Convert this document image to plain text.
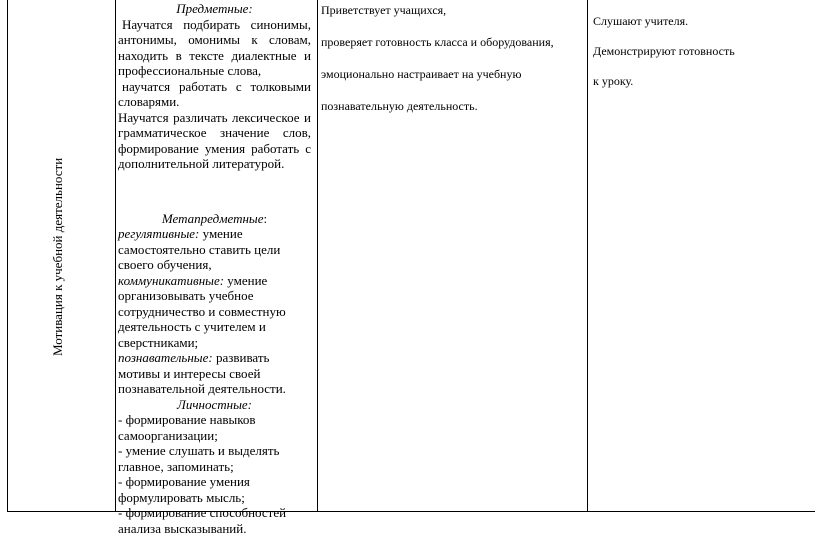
Мотивация к учебной деятельности

Предметные:

Научатся подбирать синонимы, антонимы, омонимы к словам, находить в тексте диалектные и профессиональные слова,

научатся работать с толковыми словарями.

Научатся различать лексическое и грамматическое значение слов, формирование умения работать с дополнительной литературой.

Метапредметные:

регулятивные: умение самостоятельно ставить цели своего обучения,

коммуникативные: умение организовывать учебное сотрудничество и совместную деятельность с учителем и сверстниками;

познавательные: развивать мотивы и интересы своей познавательной деятельности.

Личностные:

- формирование навыков самоорганизации;

- умение слушать и выделять главное, запоминать;

- формирование умения формулировать мысль;

- формирование способностей анализа высказываний.

Приветствует учащихся,

проверяет готовность класса и оборудования,

эмоционально настраивает на учебную

познавательную деятельность.

Слушают учителя.

Демонстрируют готовность

к уроку.
